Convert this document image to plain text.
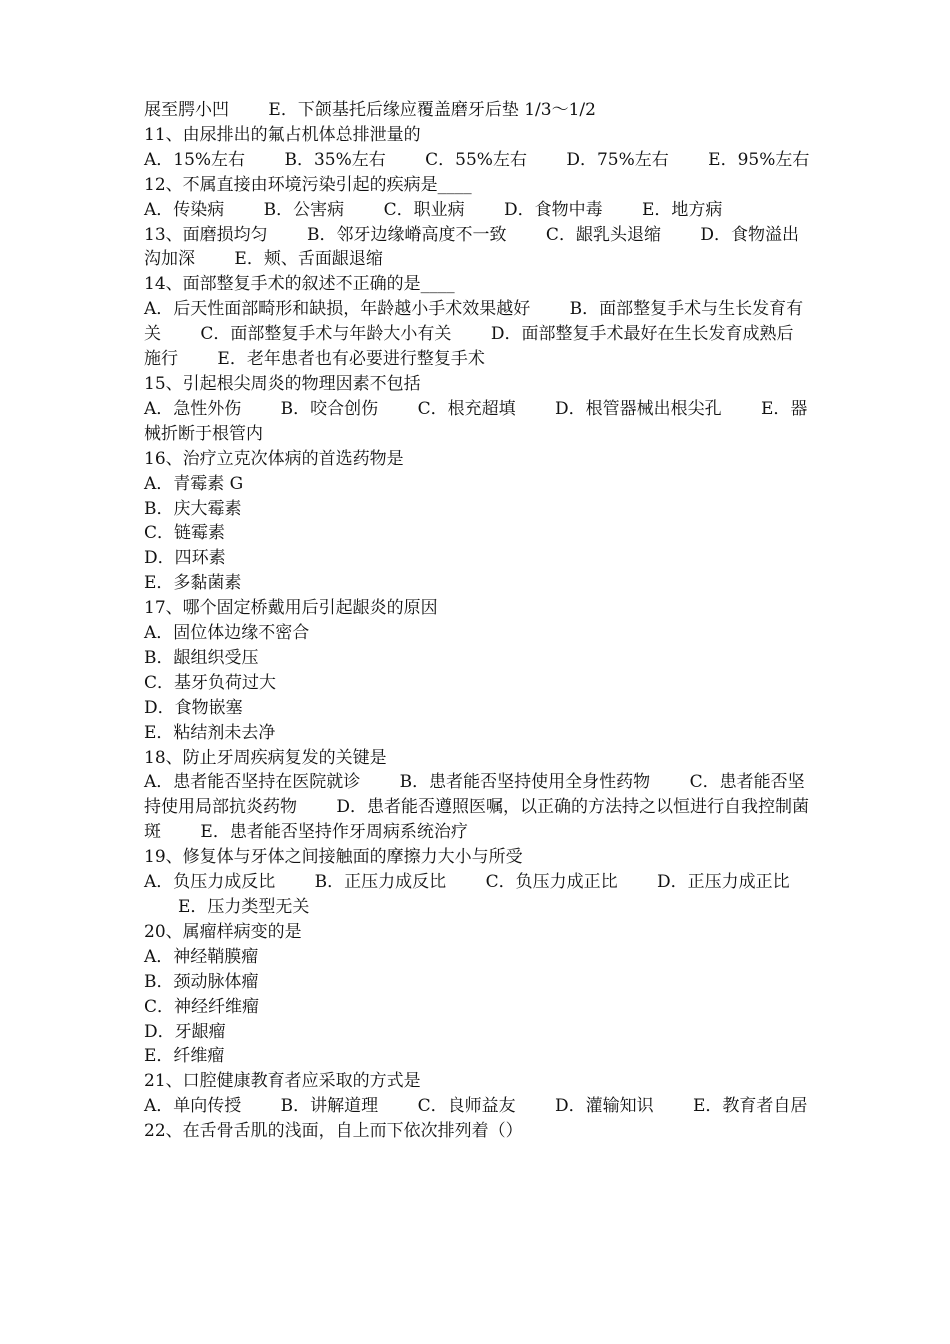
展至腭小凹 　　E．下颌基托后缘应覆盖磨牙后垫 1/3～1/2

11、由尿排出的氟占机体总排泄量的

A．15%左右 　　B．35%左右 　　C．55%左右 　　D．75%左右 　　E．95%左右

12、不属直接由环境污染引起的疾病是____

A．传染病 　　B．公害病 　　C．职业病 　　D．食物中毒 　　E．地方病

13、面磨损均匀 　　B．邻牙边缘嵴高度不一致 　　C．龈乳头退缩 　　D．食物溢出沟加深 　　E．颊、舌面龈退缩

14、面部整复手术的叙述不正确的是____

A．后天性面部畸形和缺损，年龄越小手术效果越好 　　B．面部整复手术与生长发育有关 　　C．面部整复手术与年龄大小有关 　　D．面部整复手术最好在生长发育成熟后施行 　　E．老年患者也有必要进行整复手术

15、引起根尖周炎的物理因素不包括

A．急性外伤 　　B．咬合创伤 　　C．根充超填 　　D．根管器械出根尖孔 　　E．器械折断于根管内

16、治疗立克次体病的首选药物是

A．青霉素 G

B．庆大霉素

C．链霉素

D．四环素

E．多黏菌素

17、哪个固定桥戴用后引起龈炎的原因

A．固位体边缘不密合

B．龈组织受压

C．基牙负荷过大

D．食物嵌塞

E．粘结剂未去净

18、防止牙周疾病复发的关键是

A．患者能否坚持在医院就诊 　　B．患者能否坚持使用全身性药物 　　C．患者能否坚持使用局部抗炎药物 　　D．患者能否遵照医嘱，以正确的方法持之以恒进行自我控制菌斑 　　E．患者能否坚持作牙周病系统治疗

19、修复体与牙体之间接触面的摩擦力大小与所受

A．负压力成反比 　　B．正压力成反比 　　C．负压力成正比 　　D．正压力成正比 　　E．压力类型无关

20、属瘤样病变的是

A．神经鞘膜瘤

B．颈动脉体瘤

C．神经纤维瘤

D．牙龈瘤

E．纤维瘤

21、口腔健康教育者应采取的方式是

A．单向传授 　　B．讲解道理 　　C．良师益友 　　D．灌输知识 　　E．教育者自居

22、在舌骨舌肌的浅面，自上而下依次排列着（）
